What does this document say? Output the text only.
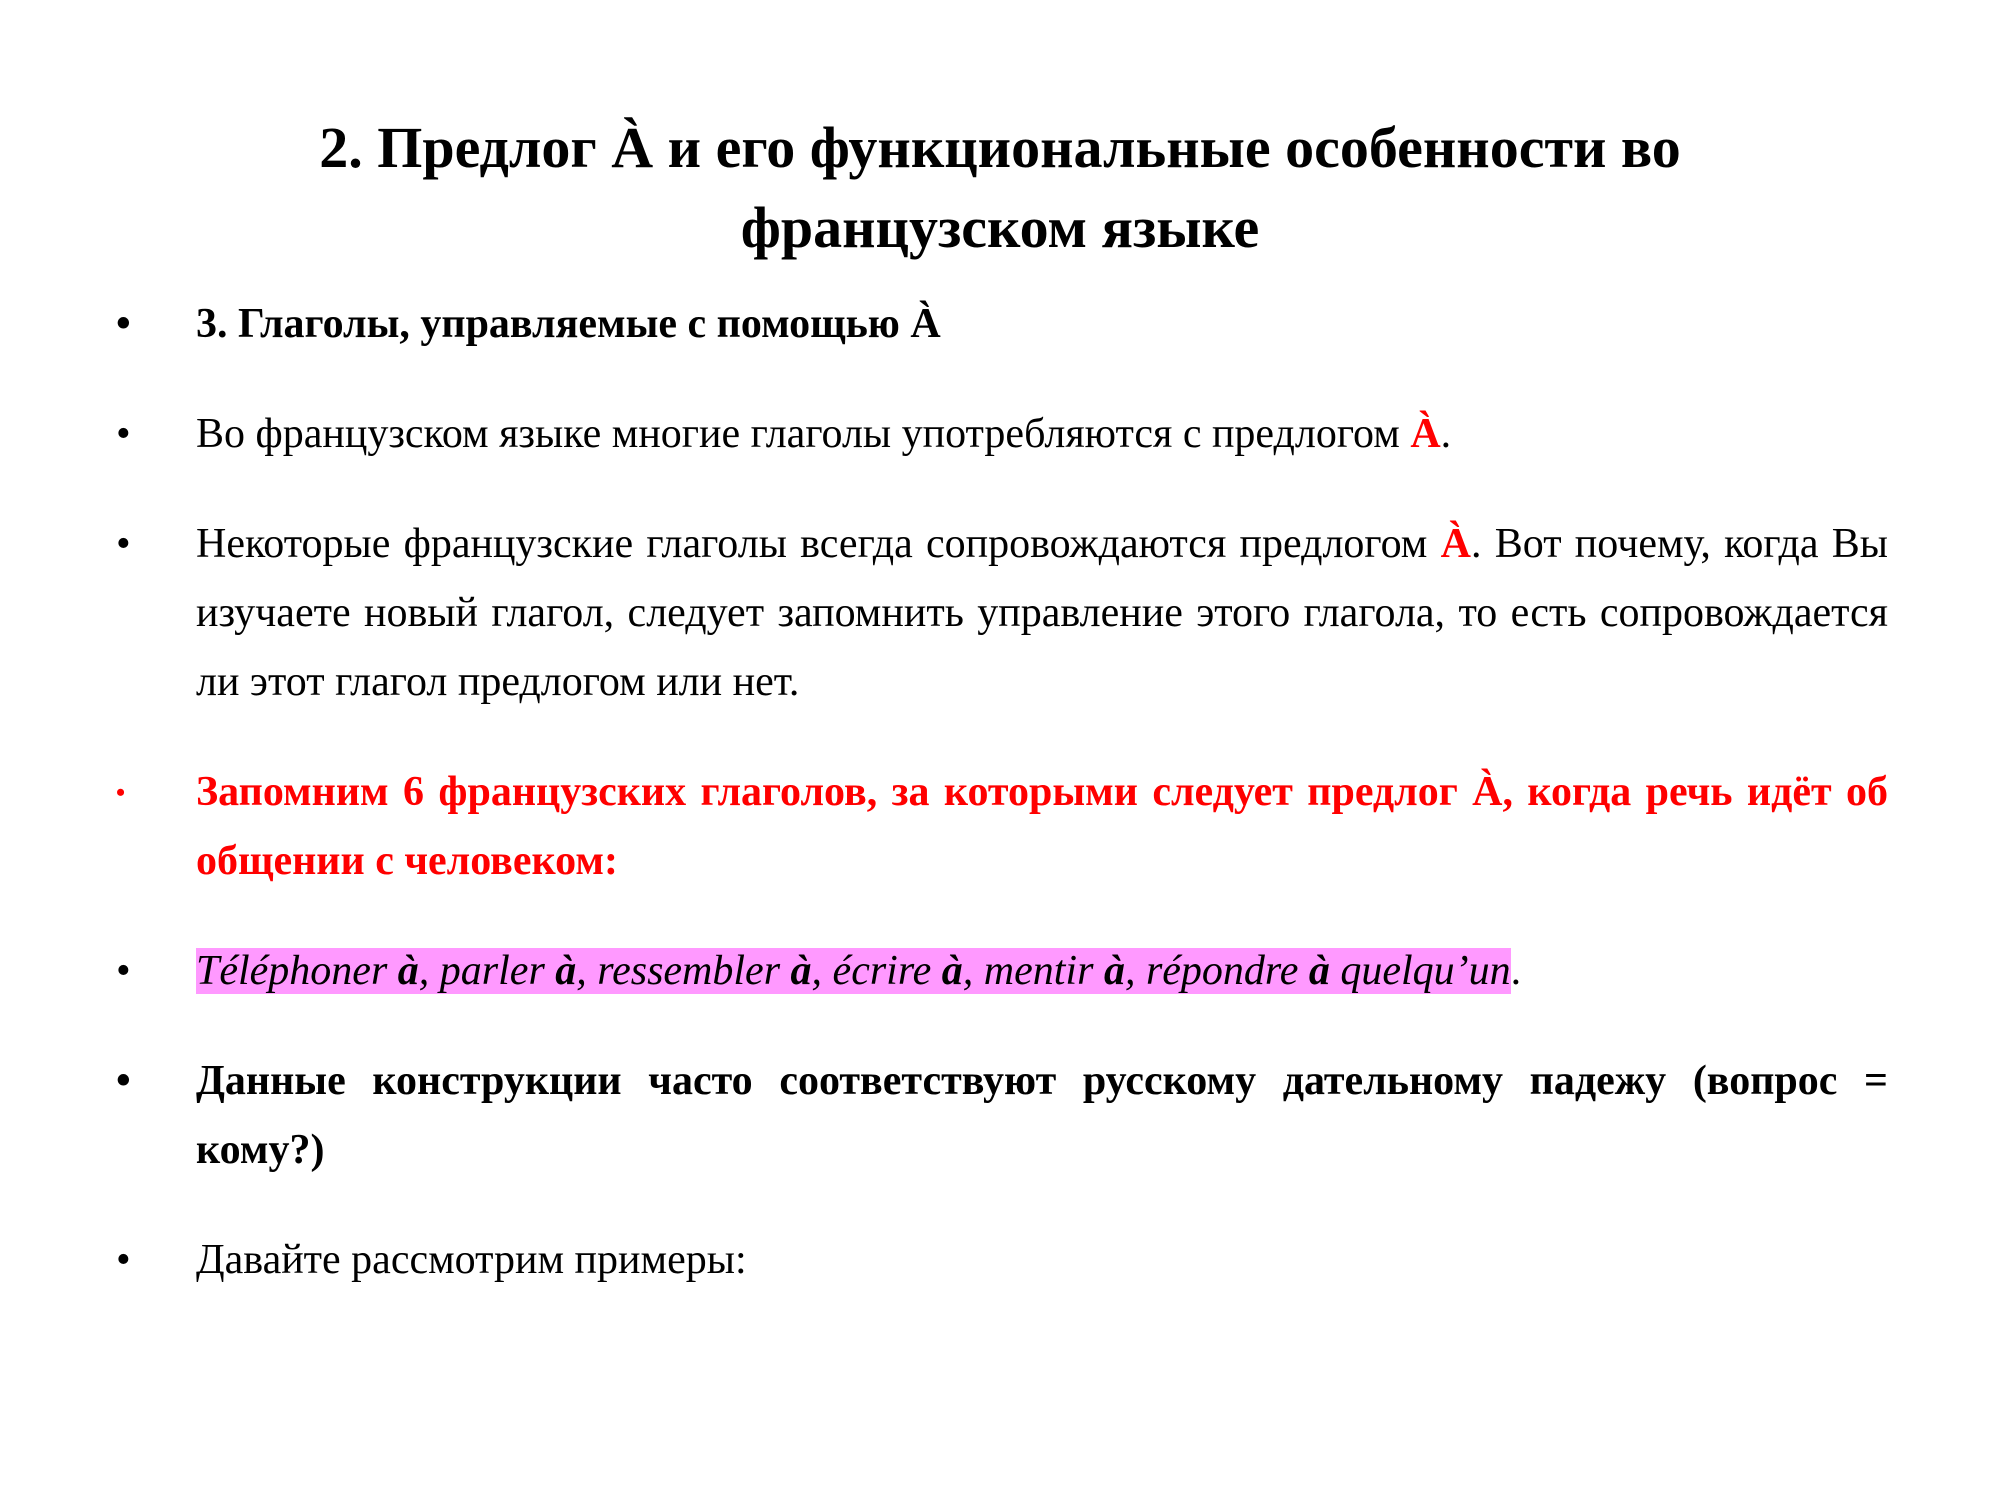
2. Предлог À и его функциональные особенности во французском языке
•	3. Глаголы, управляемые с помощью À
•	Во французском языке многие глаголы употребляются с предлогом À.
•	Некоторые французские глаголы всегда сопровождаются предлогом À. Вот почему, когда Вы изучаете новый глагол, следует запомнить управление этого глагола, то есть сопровождается ли этот глагол предлогом или нет.
•	Запомним 6 французских глаголов, за которыми следует предлог À, когда речь идёт об общении с человеком:
•	Téléphoner à, parler à, ressembler à, écrire à, mentir à, répondre à quelqu’un.
•	Данные конструкции часто соответствуют русскому дательному падежу (вопрос = кому?)
•	Давайте рассмотрим примеры:
